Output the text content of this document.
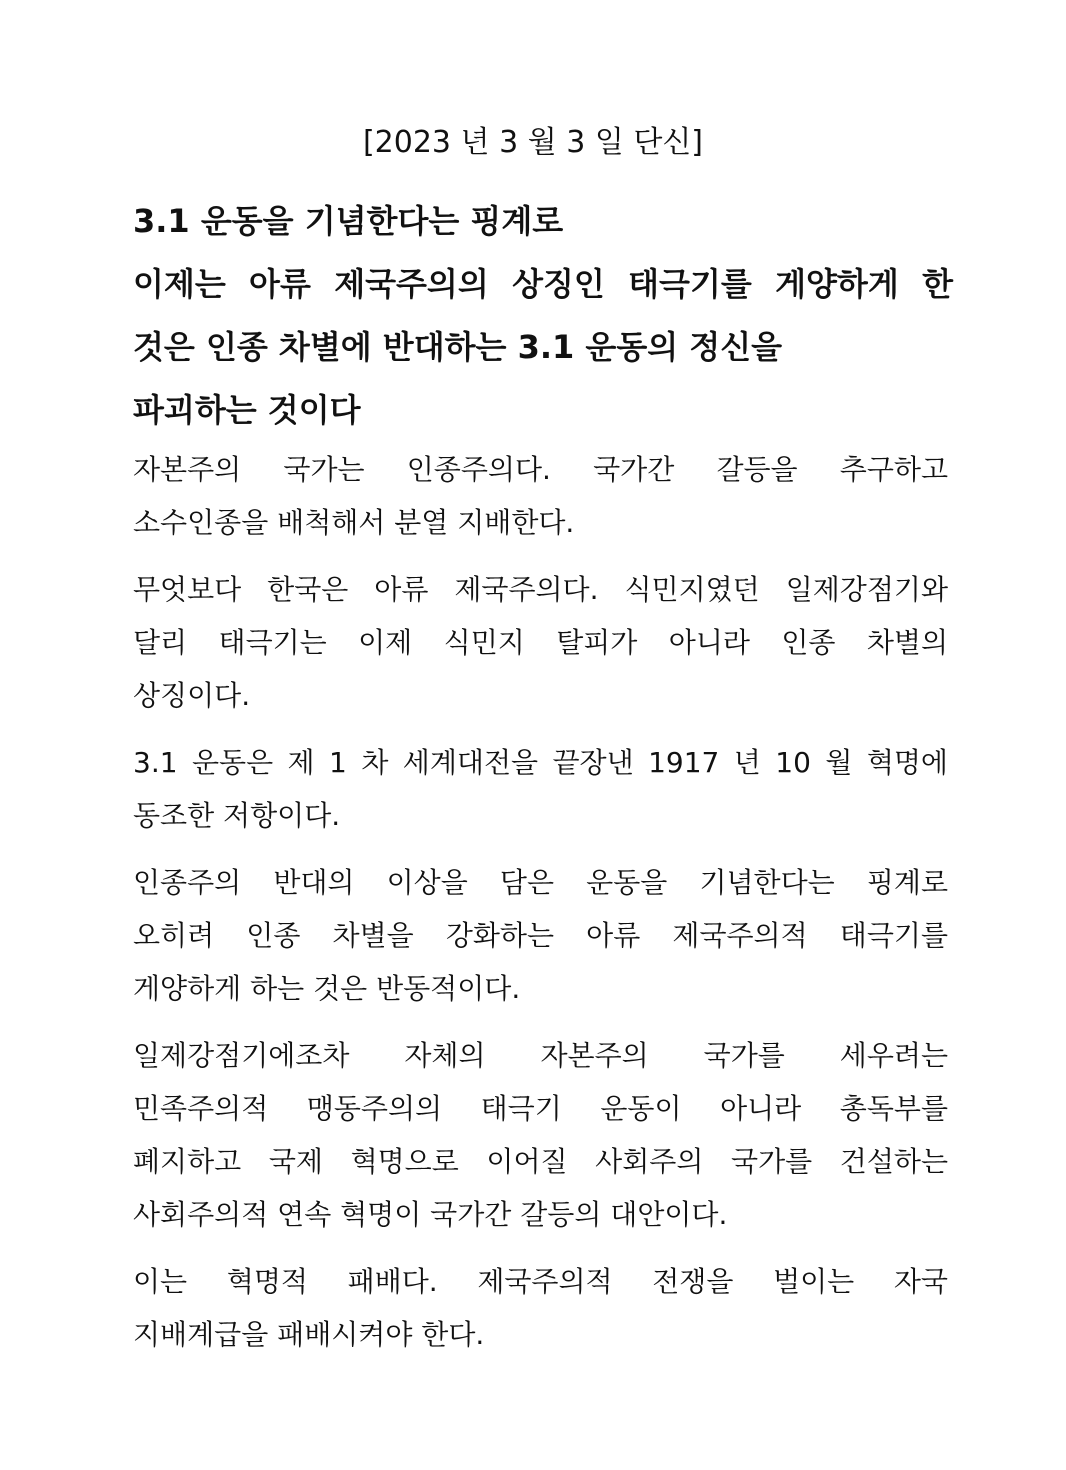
[2023 년 3 월 3 일 단신]
3.1 운동을 기념한다는 핑계로
이제는 아류 제국주의의 상징인 태극기를 게양하게 한
것은 인종 차별에 반대하는 3.1 운동의 정신을
파괴하는 것이다

자본주의 국가는 인종주의다. 국가간 갈등을 추구하고
소수인종을 배척해서 분열 지배한다.

무엇보다 한국은 아류 제국주의다. 식민지였던 일제강점기와
달리 태극기는 이제 식민지 탈피가 아니라 인종 차별의
상징이다.

3.1 운동은 제 1 차 세계대전을 끝장낸 1917 년 10 월 혁명에
동조한 저항이다.

인종주의 반대의 이상을 담은 운동을 기념한다는 핑계로
오히려 인종 차별을 강화하는 아류 제국주의적 태극기를
게양하게 하는 것은 반동적이다.

일제강점기에조차 자체의 자본주의 국가를 세우려는
민족주의적 맹동주의의 태극기 운동이 아니라 총독부를
폐지하고 국제 혁명으로 이어질 사회주의 국가를 건설하는
사회주의적 연속 혁명이 국가간 갈등의 대안이다.

이는 혁명적 패배다. 제국주의적 전쟁을 벌이는 자국
지배계급을 패배시켜야 한다.
